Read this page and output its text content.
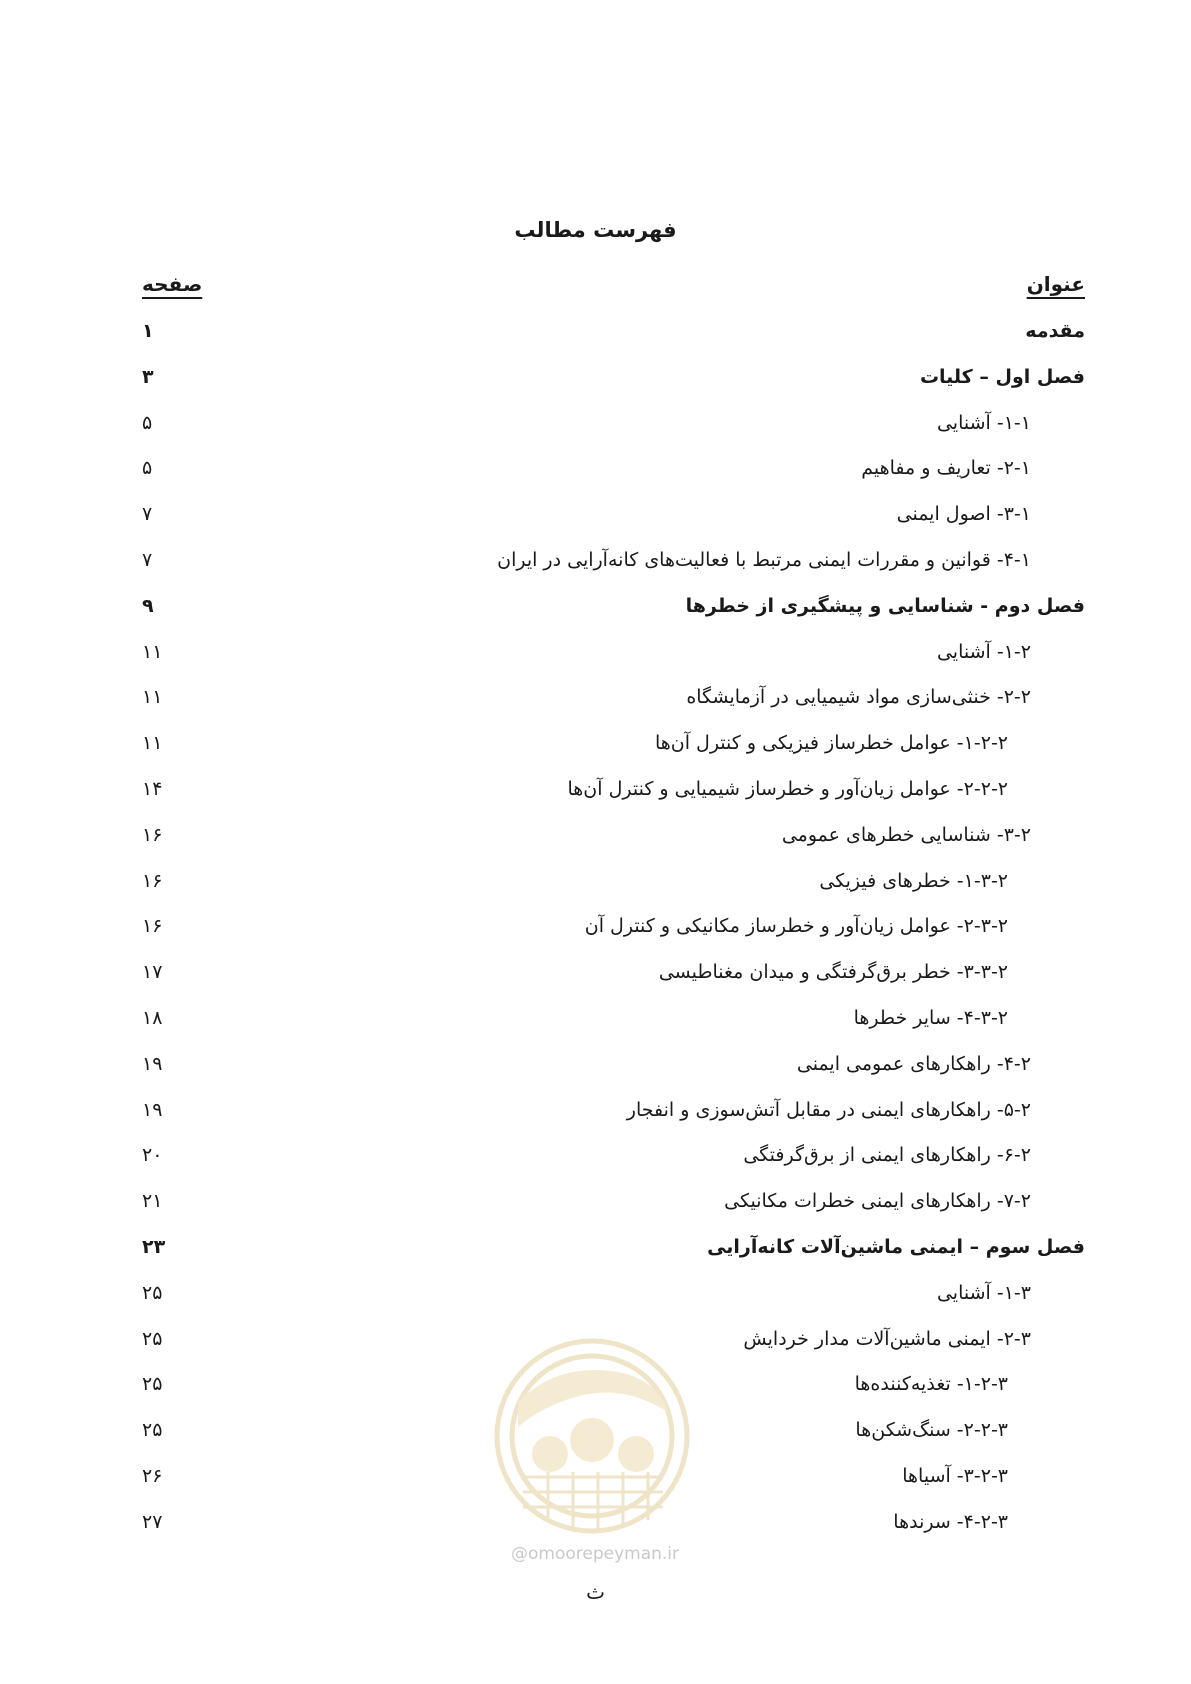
فهرست مطالب
عنوان
صفحه
مقدمه
۱
فصل اول – کلیات
۳
۱-۱- آشنایی
۵
۲-۱- تعاریف و مفاهیم
۵
۳-۱- اصول ایمنی
۷
۴-۱- قوانین و مقررات ایمنی مرتبط با فعالیت‌های کانه‌آرایی در ایران
۷
فصل دوم - شناسایی و پیشگیری از خطرها
۹
۱-۲- آشنایی
۱۱
۲-۲- خنثی‌سازی مواد شیمیایی در آزمایشگاه
۱۱
۱-۲-۲- عوامل خطرساز فیزیکی و کنترل آن‌ها
۱۱
۲-۲-۲- عوامل زیان‌آور و خطرساز شیمیایی و کنترل آن‌ها
۱۴
۳-۲- شناسایی خطرهای عمومی
۱۶
۱-۳-۲- خطرهای فیزیکی
۱۶
۲-۳-۲- عوامل زیان‌آور و خطرساز مکانیکی و کنترل آن
۱۶
۳-۳-۲- خطر برق‌گرفتگی و میدان مغناطیسی
۱۷
۴-۳-۲- سایر خطرها
۱۸
۴-۲- راهکارهای عمومی ایمنی
۱۹
۵-۲- راهکارهای ایمنی در مقابل آتش‌سوزی و انفجار
۱۹
۶-۲- راهکارهای ایمنی از برق‌گرفتگی
۲۰
۷-۲- راهکارهای ایمنی خطرات مکانیکی
۲۱
فصل سوم – ایمنی ماشین‌آلات کانه‌آرایی
۲۳
۱-۳- آشنایی
۲۵
۲-۳- ایمنی ماشین‌آلات مدار خردایش
۲۵
۱-۲-۳- تغذیه‌کننده‌ها
۲۵
۲-۲-۳- سنگ‌شکن‌ها
۲۵
۳-۲-۳- آسیاها
۲۶
۴-۲-۳- سرندها
۲۷
@omoorepeyman.ir
ث
